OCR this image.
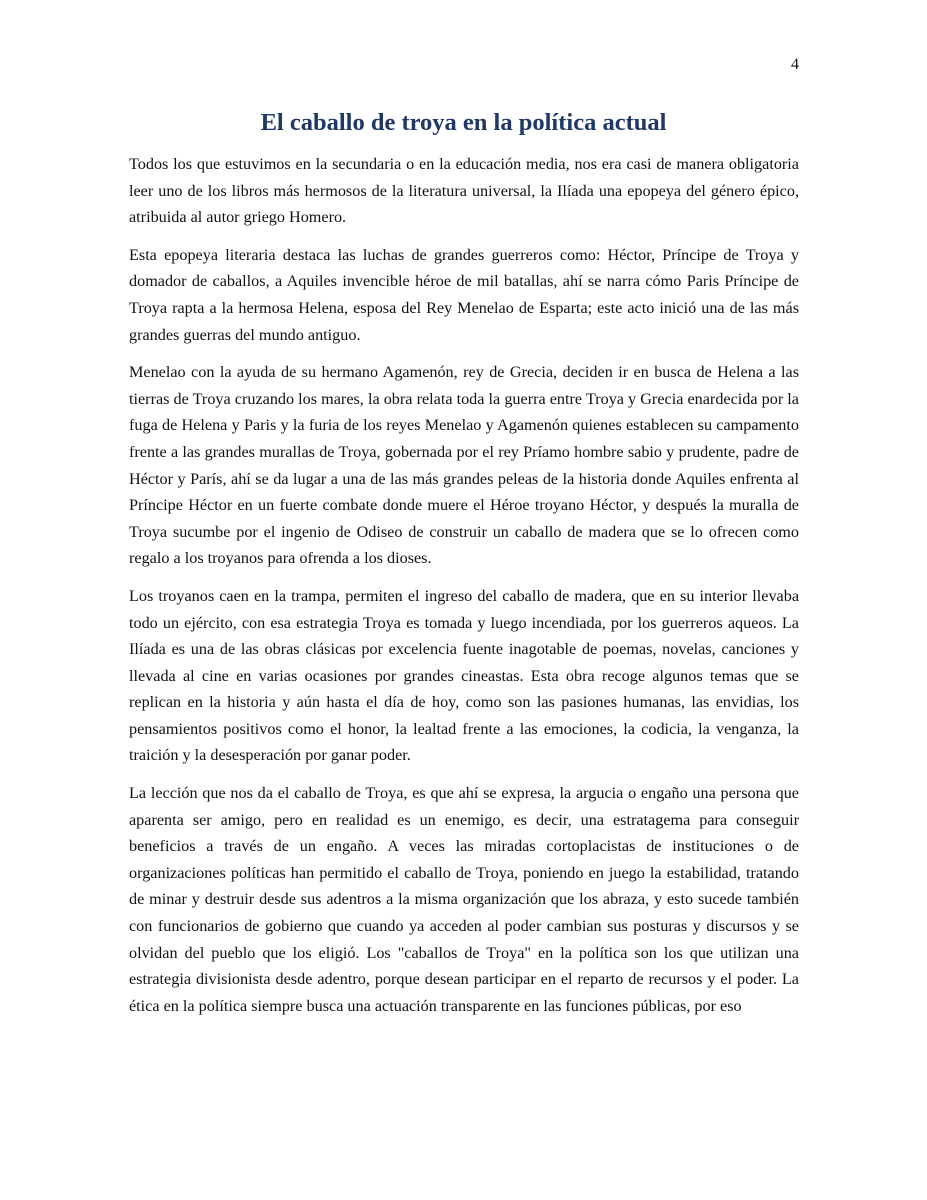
4
El caballo de troya en la política actual

Todos los que estuvimos en la secundaria o en la educación media, nos era casi de manera obligatoria leer uno de los libros más hermosos de la literatura universal, la Ilíada una epopeya del género épico, atribuida al autor griego Homero.

Esta epopeya literaria destaca las luchas de grandes guerreros como: Héctor, Príncipe de Troya y domador de caballos, a Aquiles invencible héroe de mil batallas, ahí se narra cómo Paris Príncipe de Troya rapta a la hermosa Helena, esposa del Rey Menelao de Esparta; este acto inició una de las más grandes guerras del mundo antiguo.

Menelao con la ayuda de su hermano Agamenón, rey de Grecia, deciden ir en busca de Helena a las tierras de Troya cruzando los mares, la obra relata toda la guerra entre Troya y Grecia enardecida por la fuga de Helena y Paris y la furia de los reyes Menelao y Agamenón quienes establecen su campamento frente a las grandes murallas de Troya, gobernada por el rey Príamo hombre sabio y prudente, padre de Héctor y París, ahí se da lugar a una de las más grandes peleas de la historia donde Aquiles enfrenta al Príncipe Héctor en un fuerte combate donde muere el Héroe troyano Héctor, y después la muralla de Troya sucumbe por el ingenio de Odiseo de construir un caballo de madera que se lo ofrecen como regalo a los troyanos para ofrenda a los dioses.

Los troyanos caen en la trampa, permiten el ingreso del caballo de madera, que en su interior llevaba todo un ejército, con esa estrategia Troya es tomada y luego incendiada, por los guerreros aqueos. La Ilíada es una de las obras clásicas por excelencia fuente inagotable de poemas, novelas, canciones y llevada al cine en varias ocasiones por grandes cineastas. Esta obra recoge algunos temas que se replican en la historia y aún hasta el día de hoy, como son las pasiones humanas, las envidias, los pensamientos positivos como el honor, la lealtad frente a las emociones, la codicia, la venganza, la traición y la desesperación por ganar poder.

La lección que nos da el caballo de Troya, es que ahí se expresa, la argucia o engaño una persona que aparenta ser amigo, pero en realidad es un enemigo, es decir, una estratagema para conseguir beneficios a través de un engaño. A veces las miradas cortoplacistas de instituciones o de organizaciones políticas han permitido el caballo de Troya, poniendo en juego la estabilidad, tratando de minar y destruir desde sus adentros a la misma organización que los abraza, y esto sucede también con funcionarios de gobierno que cuando ya acceden al poder cambian sus posturas y discursos y se olvidan del pueblo que los eligió. Los "caballos de Troya" en la política son los que utilizan una estrategia divisionista desde adentro, porque desean participar en el reparto de recursos y el poder. La ética en la política siempre busca una actuación transparente en las funciones públicas, por eso
